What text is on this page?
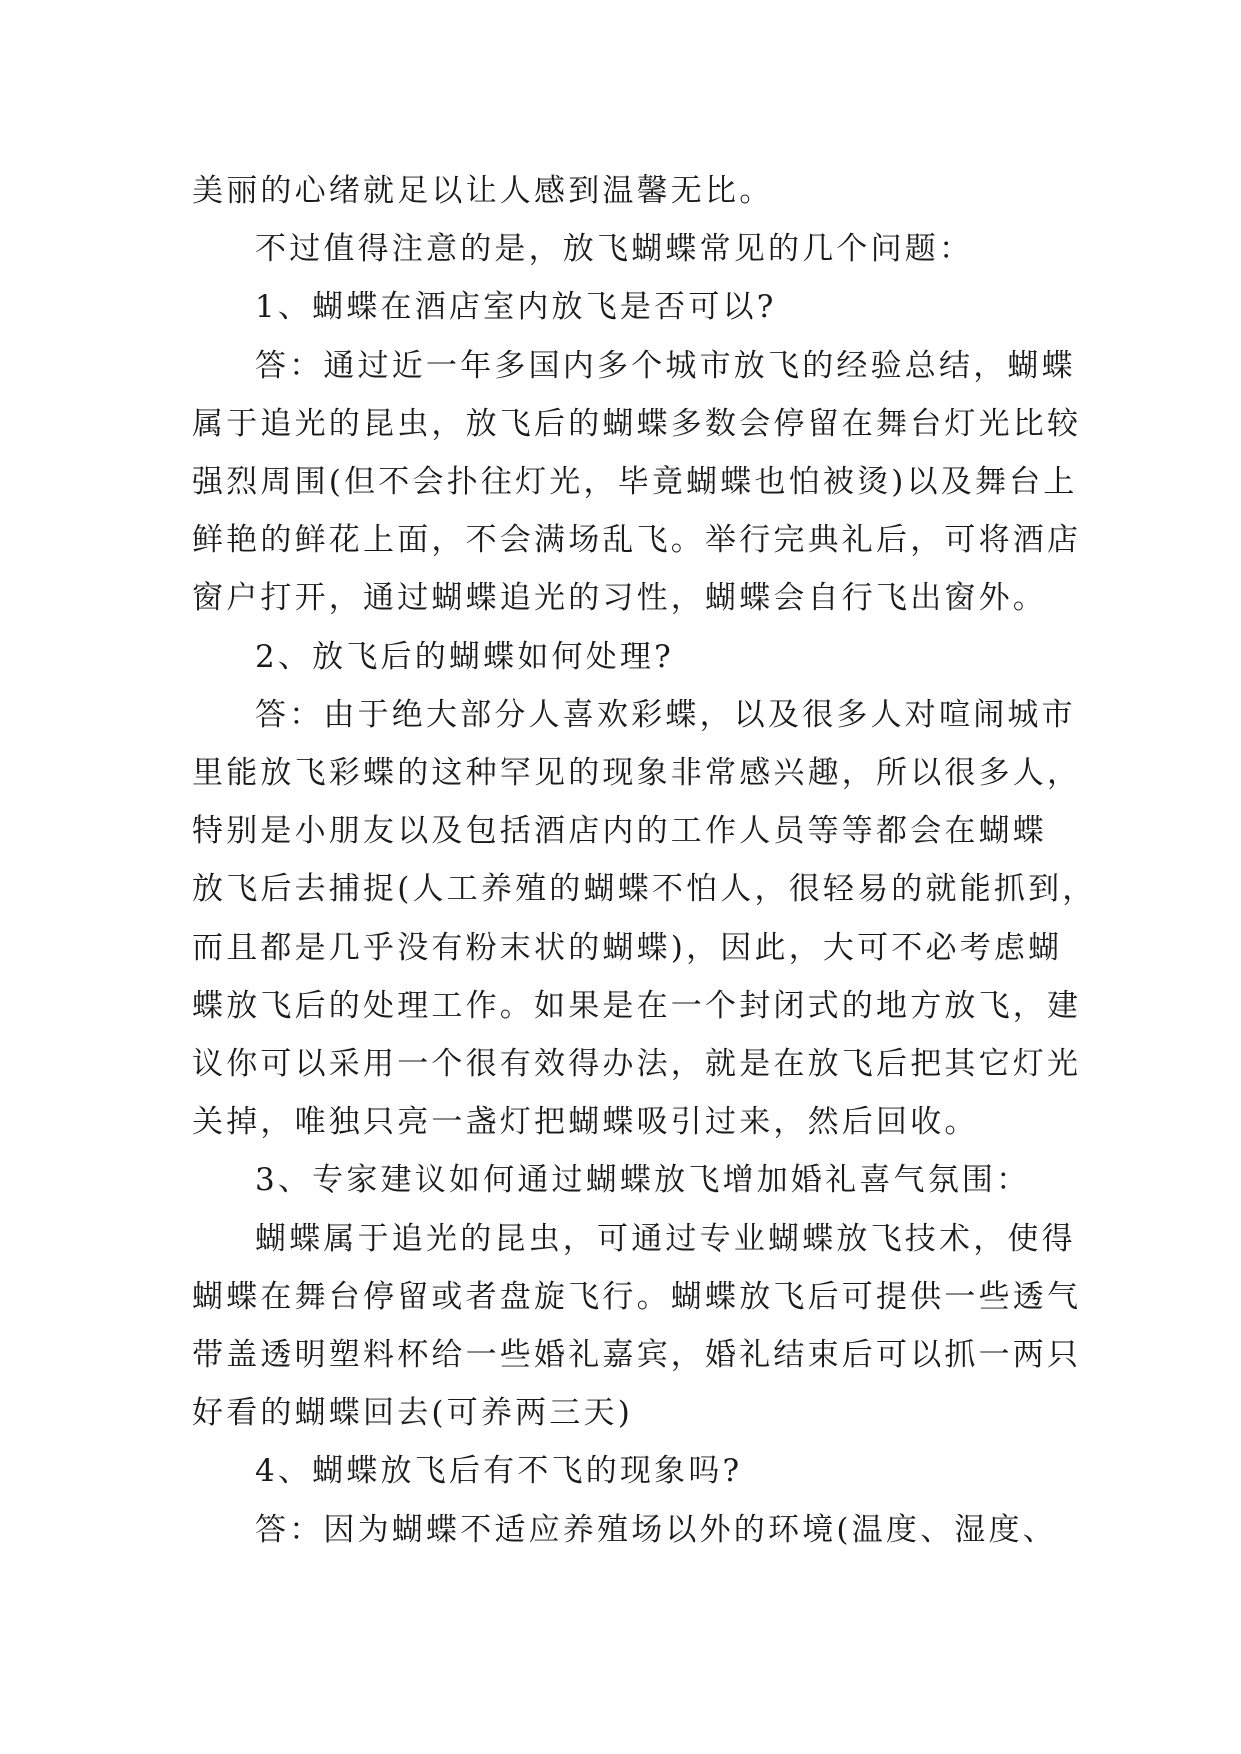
美丽的心绪就足以让人感到温馨无比。

不过值得注意的是，放飞蝴蝶常见的几个问题：

1、蝴蝶在酒店室内放飞是否可以?

答：通过近一年多国内多个城市放飞的经验总结，蝴蝶

属于追光的昆虫，放飞后的蝴蝶多数会停留在舞台灯光比较

强烈周围(但不会扑往灯光，毕竟蝴蝶也怕被烫)以及舞台上

鲜艳的鲜花上面，不会满场乱飞。举行完典礼后，可将酒店

窗户打开，通过蝴蝶追光的习性，蝴蝶会自行飞出窗外。

2、放飞后的蝴蝶如何处理?

答：由于绝大部分人喜欢彩蝶，以及很多人对喧闹城市

里能放飞彩蝶的这种罕见的现象非常感兴趣，所以很多人，

特别是小朋友以及包括酒店内的工作人员等等都会在蝴蝶

放飞后去捕捉(人工养殖的蝴蝶不怕人，很轻易的就能抓到，

而且都是几乎没有粉末状的蝴蝶)，因此，大可不必考虑蝴

蝶放飞后的处理工作。如果是在一个封闭式的地方放飞，建

议你可以采用一个很有效得办法，就是在放飞后把其它灯光

关掉，唯独只亮一盏灯把蝴蝶吸引过来，然后回收。

3、专家建议如何通过蝴蝶放飞增加婚礼喜气氛围：

蝴蝶属于追光的昆虫，可通过专业蝴蝶放飞技术，使得

蝴蝶在舞台停留或者盘旋飞行。蝴蝶放飞后可提供一些透气

带盖透明塑料杯给一些婚礼嘉宾，婚礼结束后可以抓一两只

好看的蝴蝶回去(可养两三天)

4、蝴蝶放飞后有不飞的现象吗?

答：因为蝴蝶不适应养殖场以外的环境(温度、湿度、
